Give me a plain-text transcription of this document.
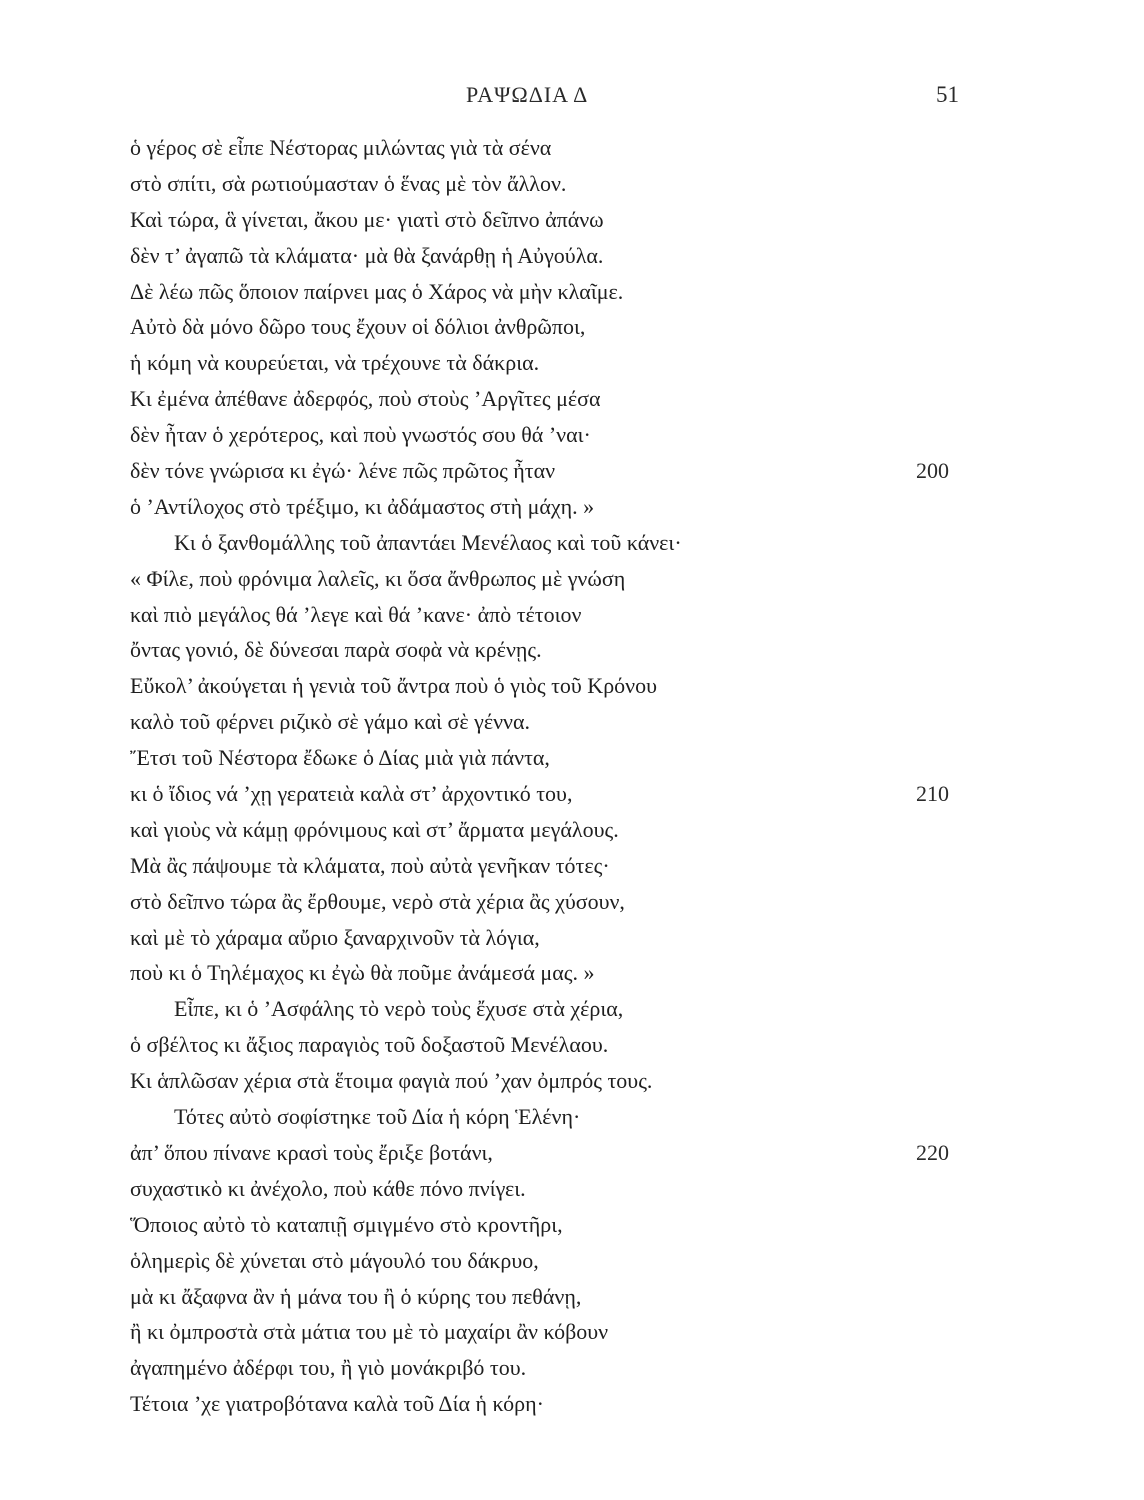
ΡΑΨΩΔΙΑ Δ	51
ὁ γέρος σὲ εἶπε Νέστορας μιλώντας γιὰ τὰ σένα
στὸ σπίτι, σὰ ρωτιούμασταν ὁ ἕνας μὲ τὸν ἄλλον.
Καὶ τώρα, ἃ γίνεται, ἄκου με· γιατὶ στὸ δεῖπνο ἀπάνω
δὲν τ’ ἀγαπῶ τὰ κλάματα· μὰ θὰ ξανάρθῃ ἡ Αὐγούλα.
Δὲ λέω πῶς ὅποιον παίρνει μας ὁ Χάρος νὰ μὴν κλαῖμε.
Αὐτὸ δὰ μόνο δῶρο τους ἔχουν οἱ δόλιοι ἀνθρῶποι,
ἡ κόμη νὰ κουρεύεται, νὰ τρέχουνε τὰ δάκρια.
Κι ἐμένα ἀπέθανε ἀδερφός, ποὺ στοὺς ’Αργῖτες μέσα
δὲν ἦταν ὁ χερότερος, καὶ ποὺ γνωστός σου θά ’ναι·
δὲν τόνε γνώρισα κι ἐγώ· λένε πῶς πρῶτος ἦταν	200
ὁ ’Αντίλοχος στὸ τρέξιμο, κι ἀδάμαστος στὴ μάχη. »
Κι ὁ ξανθομάλλης τοῦ ἀπαντάει Μενέλαος καὶ τοῦ κάνει·
« Φίλε, ποὺ φρόνιμα λαλεῖς, κι ὅσα ἄνθρωπος μὲ γνώση
καὶ πιὸ μεγάλος θά ’λεγε καὶ θά ’κανε· ἀπὸ τέτοιον
ὄντας γονιό, δὲ δύνεσαι παρὰ σοφὰ νὰ κρένῃς.
Εὔκολ’ ἀκούγεται ἡ γενιὰ τοῦ ἄντρα ποὺ ὁ γιὸς τοῦ Κρόνου
καλὸ τοῦ φέρνει ριζικὸ σὲ γάμο καὶ σὲ γέννα.
Ἔτσι τοῦ Νέστορα ἔδωκε ὁ Δίας μιὰ γιὰ πάντα,
κι ὁ ἴδιος νά ’χῃ γερατειὰ καλὰ στ’ ἀρχοντικό του,	210
καὶ γιοὺς νὰ κάμῃ φρόνιμους καὶ στ’ ἄρματα μεγάλους.
Μὰ ἂς πάψουμε τὰ κλάματα, ποὺ αὐτὰ γενῆκαν τότες·
στὸ δεῖπνο τώρα ἂς ἔρθουμε, νερὸ στὰ χέρια ἂς χύσουν,
καὶ μὲ τὸ χάραμα αὔριο ξαναρχινοῦν τὰ λόγια,
ποὺ κι ὁ Τηλέμαχος κι ἐγὼ θὰ ποῦμε ἀνάμεσά μας. »
Εἶπε, κι ὁ ’Ασφάλης τὸ νερὸ τοὺς ἔχυσε στὰ χέρια,
ὁ σβέλτος κι ἄξιος παραγιὸς τοῦ δοξαστοῦ Μενέλαου.
Κι ἁπλῶσαν χέρια στὰ ἕτοιμα φαγιὰ πού ’χαν ὀμπρός τους.
Τότες αὐτὸ σοφίστηκε τοῦ Δία ἡ κόρη Ἑλένη·
ἀπ’ ὅπου πίνανε κρασὶ τοὺς ἔριξε βοτάνι,	220
συχαστικὸ κι ἀνέχολο, ποὺ κάθε πόνο πνίγει.
Ὅποιος αὐτὸ τὸ καταπιῇ σμιγμένο στὸ κροντῆρι,
ὁλημερὶς δὲ χύνεται στὸ μάγουλό του δάκρυο,
μὰ κι ἄξαφνα ἂν ἡ μάνα του ἢ ὁ κύρης του πεθάνῃ,
ἢ κι ὀμπροστὰ στὰ μάτια του μὲ τὸ μαχαίρι ἂν κόβουν
ἀγαπημένο ἀδέρφι του, ἢ γιὸ μονάκριβό του.
Τέτοια ’χε γιατροβότανα καλὰ τοῦ Δία ἡ κόρη·
